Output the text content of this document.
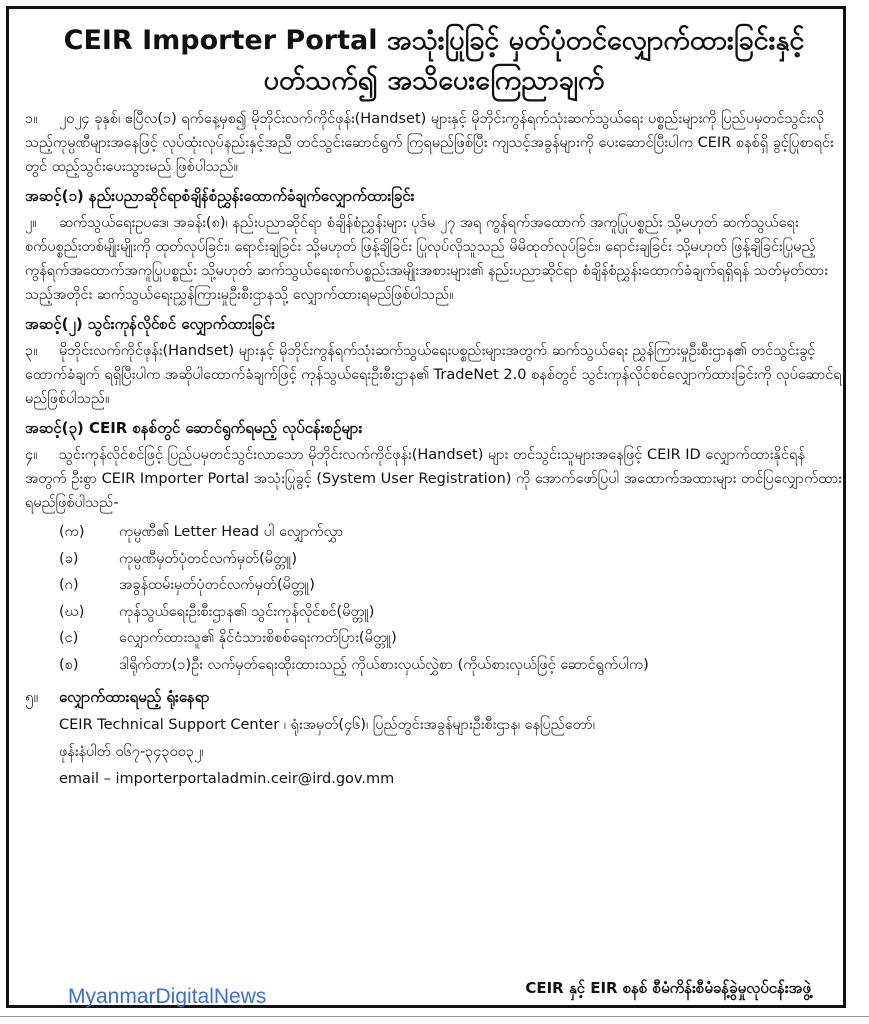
CEIR Importer Portal အသုံးပြုခြင့် မှတ်ပုံတင်လျှောက်ထားခြင်းနှင့်

ပတ်သက်၍ အသိပေးကြေညာချက်

၁။ ၂၀၂၄ ခုနှစ်၊ ဧပြီလ(၁) ရက်နေ့မှစ၍ မိုဘိုင်းလက်ကိုင်ဖုန်း(Handset) များနှင့် မိုဘိုင်းကွန်ရက်သုံးဆက်သွယ်ရေး ပစ္စည်းများကို ပြည်ပမှတင်သွင်းလိုသည့်ကုမ္ပဏီများအနေဖြင့် လုပ်ထုံးလုပ်နည်းနှင့်အညီ တင်သွင်းဆောင်ရွက် ကြရမည်ဖြစ်ပြီး ကျသင့်အခွန်များကို ပေးဆောင်ပြီးပါက CEIR စနစ်ရှိ ခွင့်ပြုစာရင်းတွင် ထည့်သွင်းပေးသွားမည် ဖြစ်ပါသည်။

အဆင့်(၁) နည်းပညာဆိုင်ရာစံချိန်စံညွှန်းထောက်ခံချက်လျှောက်ထားခြင်း

၂။ ဆက်သွယ်ရေးဥပဒေ၊ အခန်း(၈)၊ နည်းပညာဆိုင်ရာ စံချိန်စံညွှန်းများ ပုဒ်မ ၂၇ အရ ကွန်ရက်အထောက် အကူပြုပစ္စည်း သို့မဟုတ် ဆက်သွယ်ရေးစက်ပစ္စည်းတစ်မျိုးမျိုးကို ထုတ်လုပ်ခြင်း၊ ရောင်းချခြင်း သို့မဟုတ် ဖြန့်ချိခြင်း ပြုလုပ်လိုသူသည် မိမိထုတ်လုပ်ခြင်း၊ ရောင်းချခြင်း သို့မဟုတ် ဖြန့်ချိခြင်းပြုမည့် ကွန်ရက်အထောက်အကူပြုပစ္စည်း သို့မဟုတ် ဆက်သွယ်ရေးစက်ပစ္စည်းအမျိုးအစားများ၏ နည်းပညာဆိုင်ရာ စံချိန်စံညွှန်းထောက်ခံချက်ရရှိရန် သတ်မှတ်ထားသည့်အတိုင်း ဆက်သွယ်ရေးညွှန်ကြားမှုဦးစီးဌာနသို့ လျှောက်ထားရမည်ဖြစ်ပါသည်။

အဆင့်(၂) သွင်းကုန်လိုင်စင် လျှောက်ထားခြင်း

၃။ မိုဘိုင်းလက်ကိုင်ဖုန်း(Handset) များနှင့် မိုဘိုင်းကွန်ရက်သုံးဆက်သွယ်ရေးပစ္စည်းများအတွက် ဆက်သွယ်ရေး ညွှန်ကြားမှုဦးစီးဌာန၏ တင်သွင်းခွင့်ထောက်ခံချက် ရရှိပြီးပါက အဆိုပါထောက်ခံချက်ဖြင့် ကုန်သွယ်ရေးဦးစီးဌာန၏ TradeNet 2.0 စနစ်တွင် သွင်းကုန်လိုင်စင်လျှောက်ထားခြင်းကို လုပ်ဆောင်ရမည်ဖြစ်ပါသည်။

အဆင့်(၃) CEIR စနစ်တွင် ဆောင်ရွက်ရမည့် လုပ်ငန်းစဉ်များ

၄။ သွင်းကုန်လိုင်စင်ဖြင့် ပြည်ပမှတင်သွင်းလာသော မိုဘိုင်းလက်ကိုင်ဖုန်း(Handset) များ တင်သွင်းသူများအနေဖြင့် CEIR ID လျှောက်ထားနိုင်ရန်အတွက် ဦးစွာ CEIR Importer Portal အသုံးပြုခွင့် (System User Registration) ကို အောက်ဖော်ပြပါ အထောက်အထားများ တင်ပြလျှောက်ထားရမည်ဖြစ်ပါသည်-

(က)	ကုမ္ပဏီ၏ Letter Head ပါ လျှောက်လွှာ
(ခ)	ကုမ္ပဏီမှတ်ပုံတင်လက်မှတ်(မိတ္တူ)
(ဂ)	အခွန်ထမ်းမှတ်ပုံတင်လက်မှတ်(မိတ္တူ)
(ဃ)	ကုန်သွယ်ရေးဦးစီးဌာန၏ သွင်းကုန်လိုင်စင်(မိတ္တူ)
(င)	လျှောက်ထားသူ၏ နိုင်ငံသားစိစစ်ရေးကတ်ပြား(မိတ္တူ)
(စ)	ဒါရိုက်တာ(၁)ဦး လက်မှတ်ရေးထိုးထားသည့် ကိုယ်စားလှယ်လွှဲစာ (ကိုယ်စားလှယ်ဖြင့် ဆောင်ရွက်ပါက)

၅။ လျှောက်ထားရမည့် ရုံးနေရာ

CEIR Technical Support Center ၊ ရုံးအမှတ်(၄၆)၊ ပြည်တွင်းအခွန်များဦးစီးဌာန၊ နေပြည်တော်၊

ဖုန်းနံပါတ် ၀၆၇-၃၄၃၀၀၃၂၊

email – importerportaladmin.ceir@ird.gov.mm

CEIR နှင့် EIR စနစ် စီမံကိန်းစီမံခန့်ခွဲမှုလုပ်ငန်းအဖွဲ့
MyanmarDigitalNews
